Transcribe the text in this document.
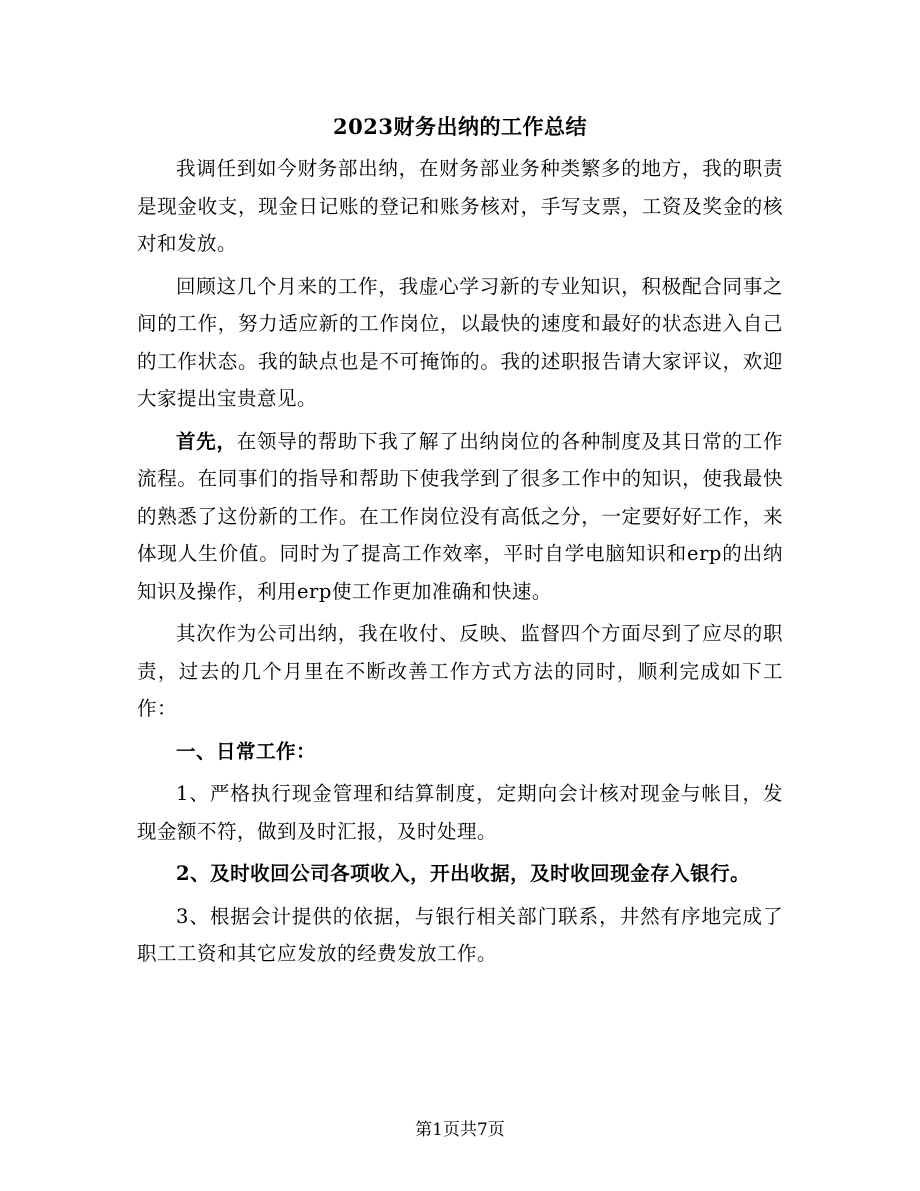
2023财务出纳的工作总结

我调任到如今财务部出纳，在财务部业务种类繁多的地方，我的职责是现金收支，现金日记账的登记和账务核对，手写支票，工资及奖金的核对和发放。

回顾这几个月来的工作，我虚心学习新的专业知识，积极配合同事之间的工作，努力适应新的工作岗位，以最快的速度和最好的状态进入自己的工作状态。我的缺点也是不可掩饰的。我的述职报告请大家评议，欢迎大家提出宝贵意见。

首先，在领导的帮助下我了解了出纳岗位的各种制度及其日常的工作流程。在同事们的指导和帮助下使我学到了很多工作中的知识，使我最快的熟悉了这份新的工作。在工作岗位没有高低之分，一定要好好工作，来体现人生价值。同时为了提高工作效率，平时自学电脑知识和erp的出纳知识及操作，利用erp使工作更加准确和快速。

其次作为公司出纳，我在收付、反映、监督四个方面尽到了应尽的职责，过去的几个月里在不断改善工作方式方法的同时，顺利完成如下工作：

一、日常工作：

1、严格执行现金管理和结算制度，定期向会计核对现金与帐目，发现金额不符，做到及时汇报，及时处理。

2、及时收回公司各项收入，开出收据，及时收回现金存入银行。

3、根据会计提供的依据，与银行相关部门联系，井然有序地完成了职工工资和其它应发放的经费发放工作。

第1页共7页
